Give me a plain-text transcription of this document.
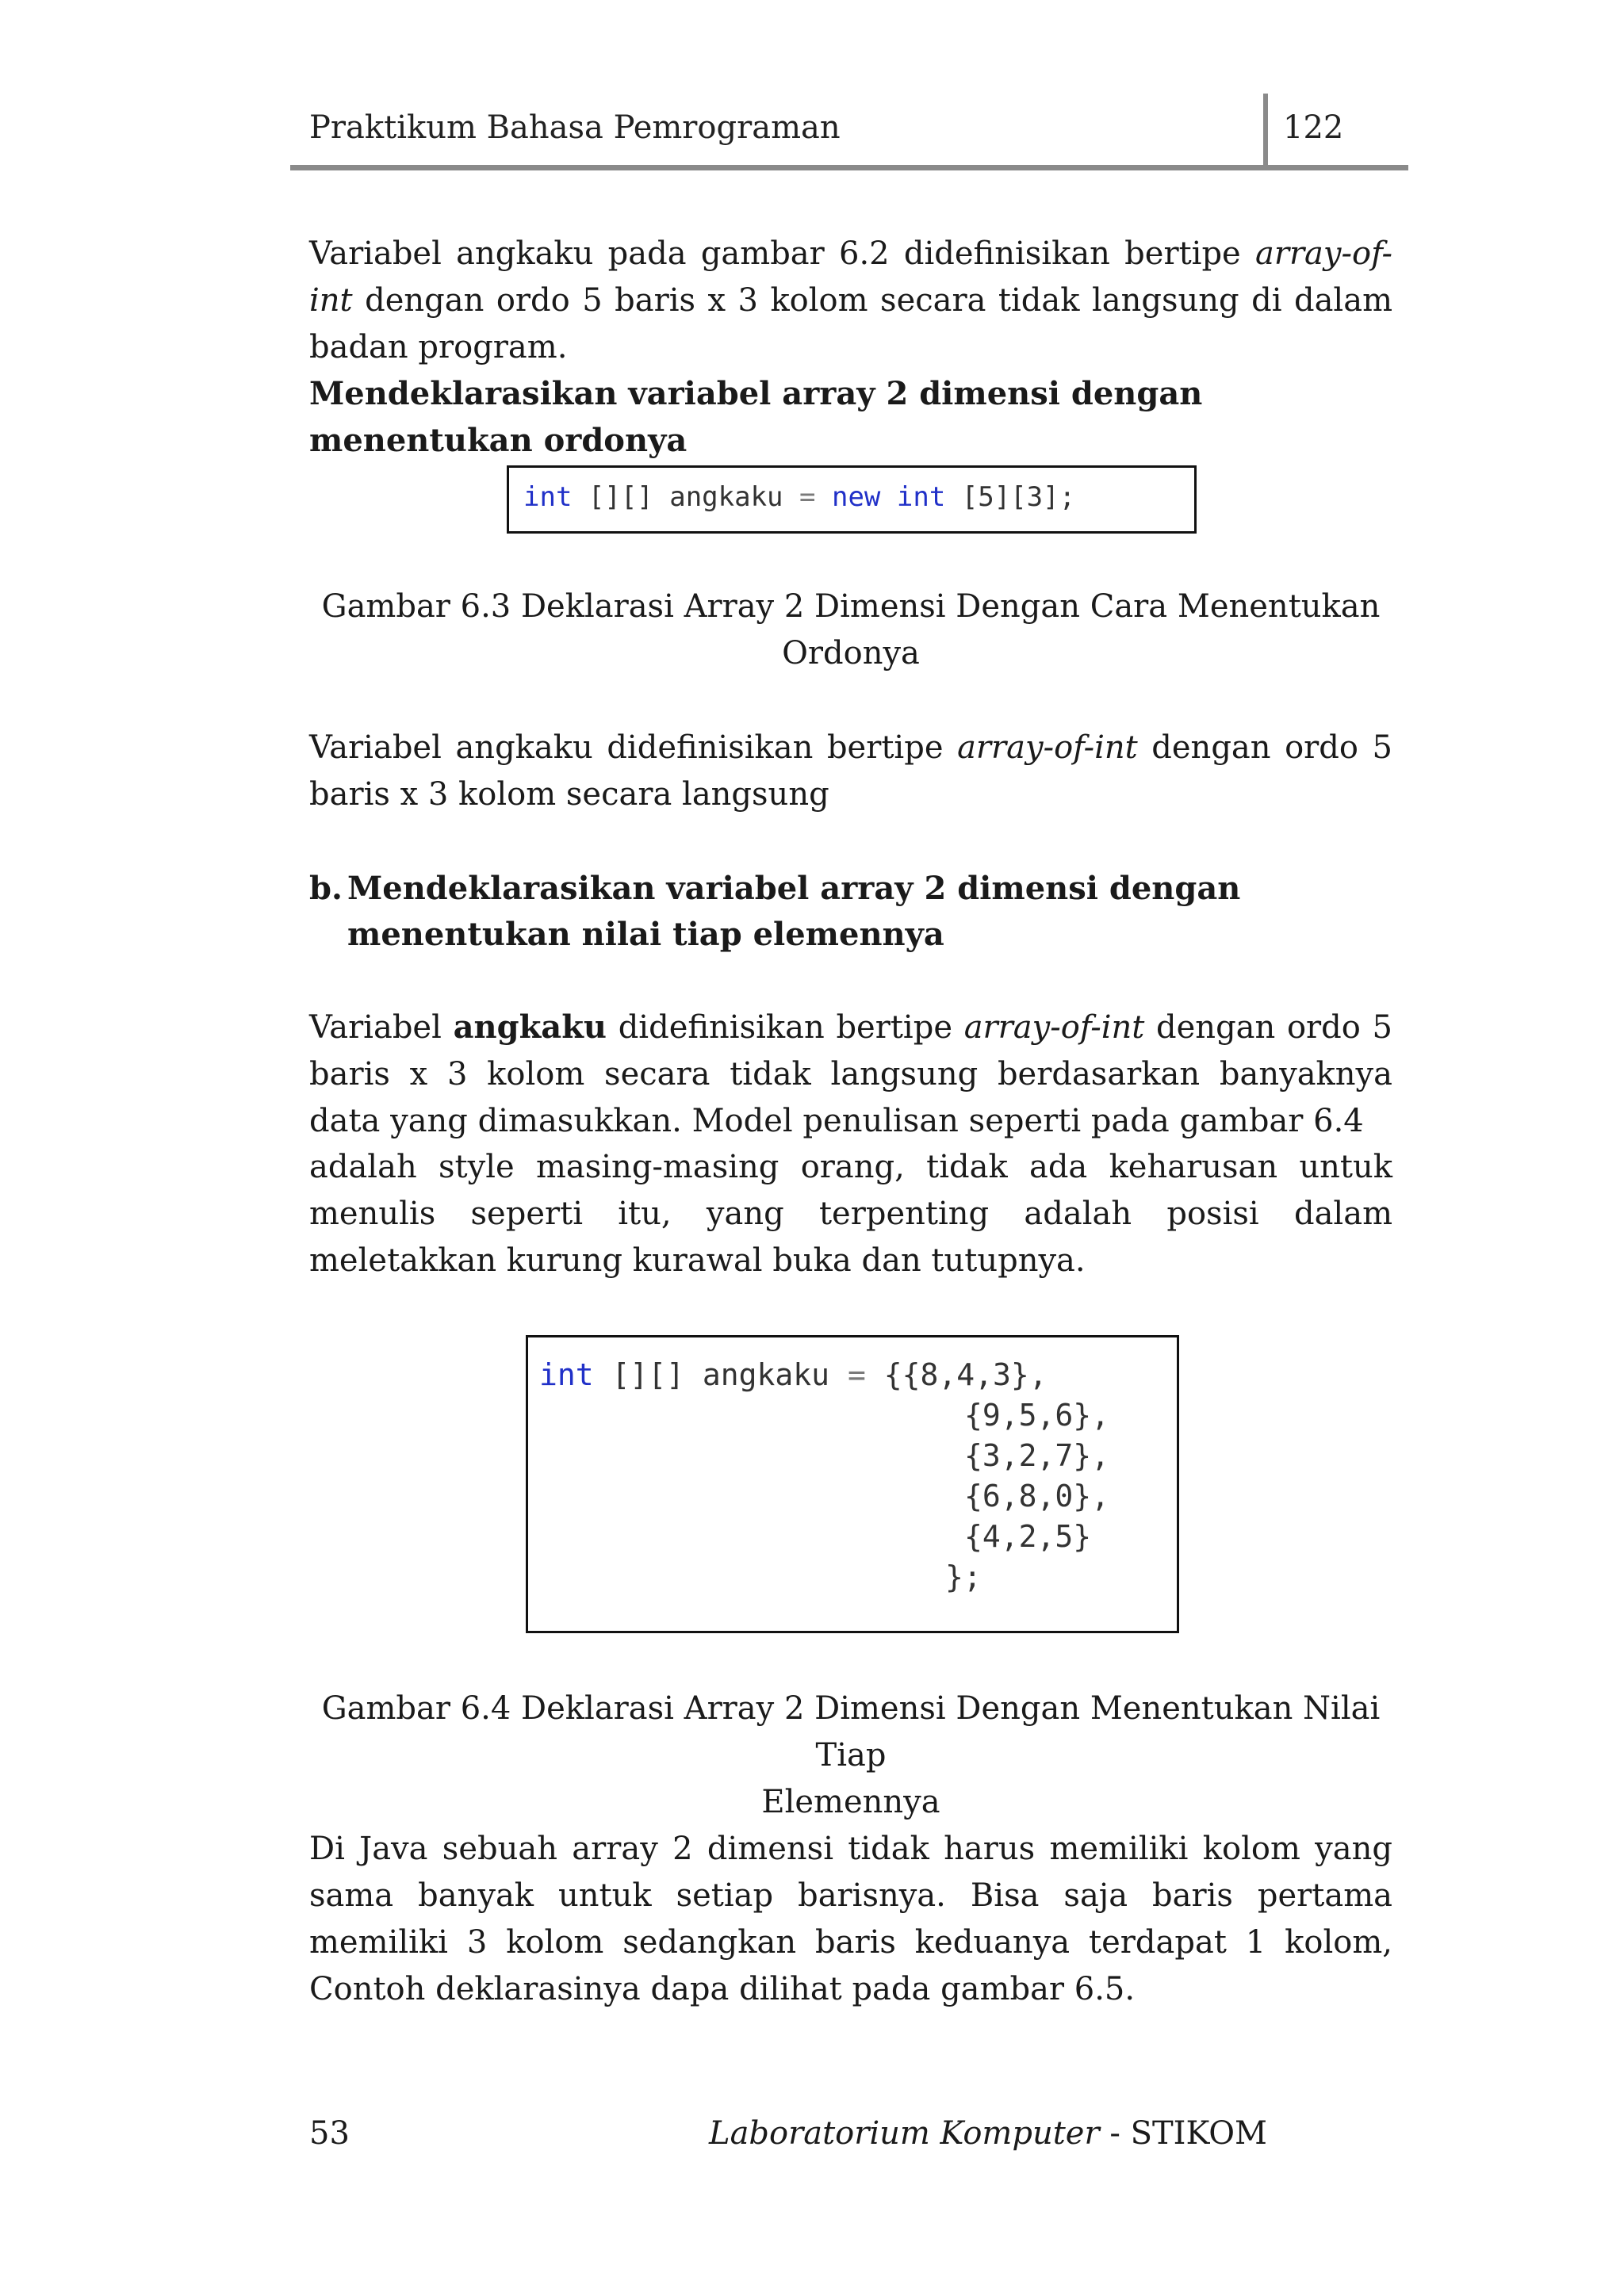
Praktikum Bahasa Pemrograman	122

Variabel angkaku pada gambar 6.2 didefinisikan bertipe array-of-int dengan ordo 5 baris x 3 kolom secara tidak langsung di dalam badan program.

Mendeklarasikan variabel array 2 dimensi dengan menentukan ordonya

int [][] angkaku = new int [5][3];
Gambar 6.3 Deklarasi Array 2 Dimensi Dengan Cara Menentukan
Ordonya

Variabel angkaku didefinisikan bertipe array-of-int dengan ordo 5 baris x 3 kolom secara langsung

b. Mendeklarasikan variabel array 2 dimensi dengan menentukan nilai tiap elemennya

Variabel angkaku didefinisikan bertipe array-of-int dengan ordo 5 baris x 3 kolom secara tidak langsung berdasarkan banyaknya data yang dimasukkan. Model penulisan seperti pada gambar 6.4

adalah style masing-masing orang, tidak ada keharusan untuk menulis seperti itu, yang terpenting adalah posisi dalam meletakkan kurung kurawal buka dan tutupnya.

int [][] angkaku = {{8,4,3},
{9,5,6},
{3,2,7},
{6,8,0},
{4,2,5}
};
Gambar 6.4 Deklarasi Array 2 Dimensi Dengan Menentukan Nilai Tiap
Elemennya

Di Java sebuah array 2 dimensi tidak harus memiliki kolom yang sama banyak untuk setiap barisnya. Bisa saja baris pertama memiliki 3 kolom sedangkan baris keduanya terdapat 1 kolom, Contoh deklarasinya dapa dilihat pada gambar 6.5.

53	Laboratorium Komputer - STIKOM
